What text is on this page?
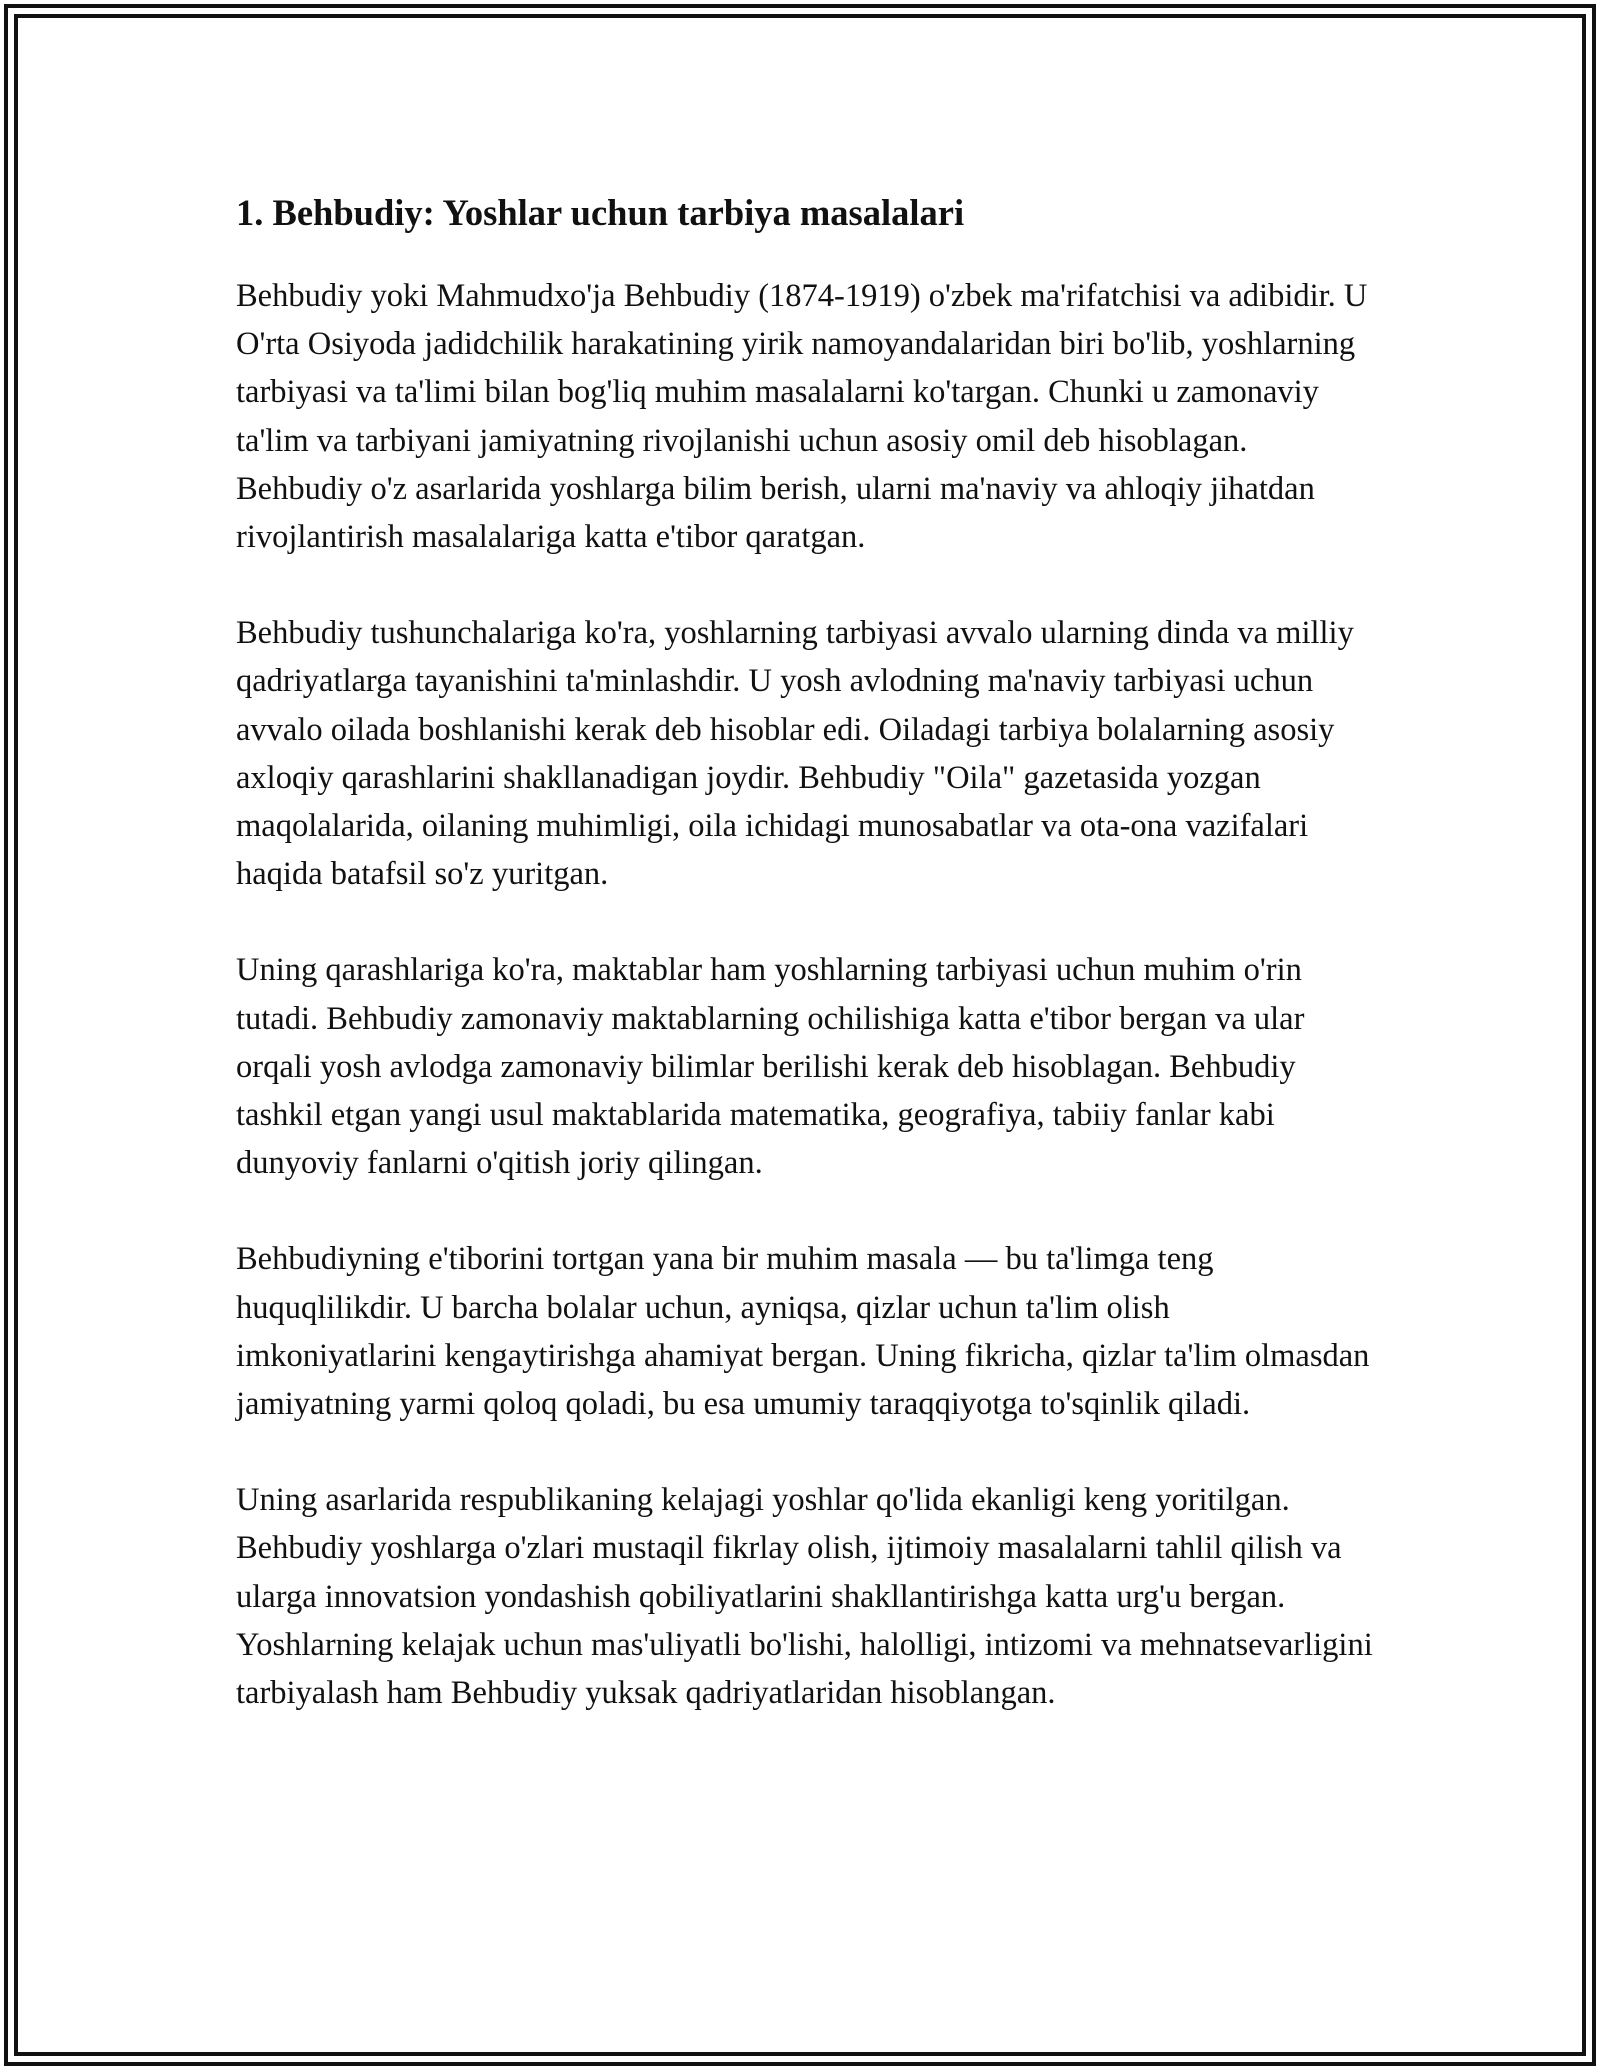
1. Behbudiy: Yoshlar uchun tarbiya masalalari

Behbudiy yoki Mahmudxo'ja Behbudiy (1874-1919) o'zbek ma'rifatchisi va adibidir. U O'rta Osiyoda jadidchilik harakatining yirik namoyandalaridan biri bo'lib, yoshlarning tarbiyasi va ta'limi bilan bog'liq muhim masalalarni ko'targan. Chunki u zamonaviy ta'lim va tarbiyani jamiyatning rivojlanishi uchun asosiy omil deb hisoblagan. Behbudiy o'z asarlarida yoshlarga bilim berish, ularni ma'naviy va ahloqiy jihatdan rivojlantirish masalalariga katta e'tibor qaratgan.

Behbudiy tushunchalariga ko'ra, yoshlarning tarbiyasi avvalo ularning dinda va milliy qadriyatlarga tayanishini ta'minlashdir. U yosh avlodning ma'naviy tarbiyasi uchun avvalo oilada boshlanishi kerak deb hisoblar edi. Oiladagi tarbiya bolalarning asosiy axloqiy qarashlarini shakllanadigan joydir. Behbudiy "Oila" gazetasida yozgan maqolalarida, oilaning muhimligi, oila ichidagi munosabatlar va ota-ona vazifalari haqida batafsil so'z yuritgan.

Uning qarashlariga ko'ra, maktablar ham yoshlarning tarbiyasi uchun muhim o'rin tutadi. Behbudiy zamonaviy maktablarning ochilishiga katta e'tibor bergan va ular orqali yosh avlodga zamonaviy bilimlar berilishi kerak deb hisoblagan. Behbudiy tashkil etgan yangi usul maktablarida matematika, geografiya, tabiiy fanlar kabi dunyoviy fanlarni o'qitish joriy qilingan.

Behbudiyning e'tiborini tortgan yana bir muhim masala — bu ta'limga teng huquqlilikdir. U barcha bolalar uchun, ayniqsa, qizlar uchun ta'lim olish imkoniyatlarini kengaytirishga ahamiyat bergan. Uning fikricha, qizlar ta'lim olmasdan jamiyatning yarmi qoloq qoladi, bu esa umumiy taraqqiyotga to'sqinlik qiladi.

Uning asarlarida respublikaning kelajagi yoshlar qo'lida ekanligi keng yoritilgan. Behbudiy yoshlarga o'zlari mustaqil fikrlay olish, ijtimoiy masalalarni tahlil qilish va ularga innovatsion yondashish qobiliyatlarini shakllantirishga katta urg'u bergan. Yoshlarning kelajak uchun mas'uliyatli bo'lishi, halolligi, intizomi va mehnatsevarligini tarbiyalash ham Behbudiy yuksak qadriyatlaridan hisoblangan.
